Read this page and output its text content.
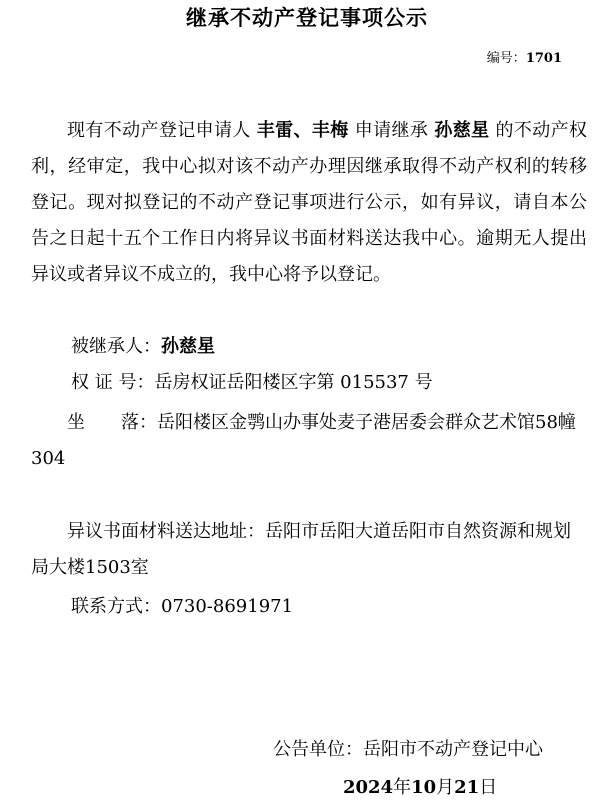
继承不动产登记事项公示
编号：1701
现有不动产登记申请人 丰雷、丰梅 申请继承 孙慈星 的不动产权利，经审定，我中心拟对该不动产办理因继承取得不动产权利的转移登记。现对拟登记的不动产登记事项进行公示，如有异议，请自本公告之日起十五个工作日内将异议书面材料送达我中心。逾期无人提出异议或者异议不成立的，我中心将予以登记。
被继承人：孙慈星
权 证 号：岳房权证岳阳楼区字第 015537 号
坐　　落：岳阳楼区金鹗山办事处麦子港居委会群众艺术馆58幢304
异议书面材料送达地址：岳阳市岳阳大道岳阳市自然资源和规划局大楼1503室
联系方式：0730-8691971
公告单位：岳阳市不动产登记中心
2024年10月21日
